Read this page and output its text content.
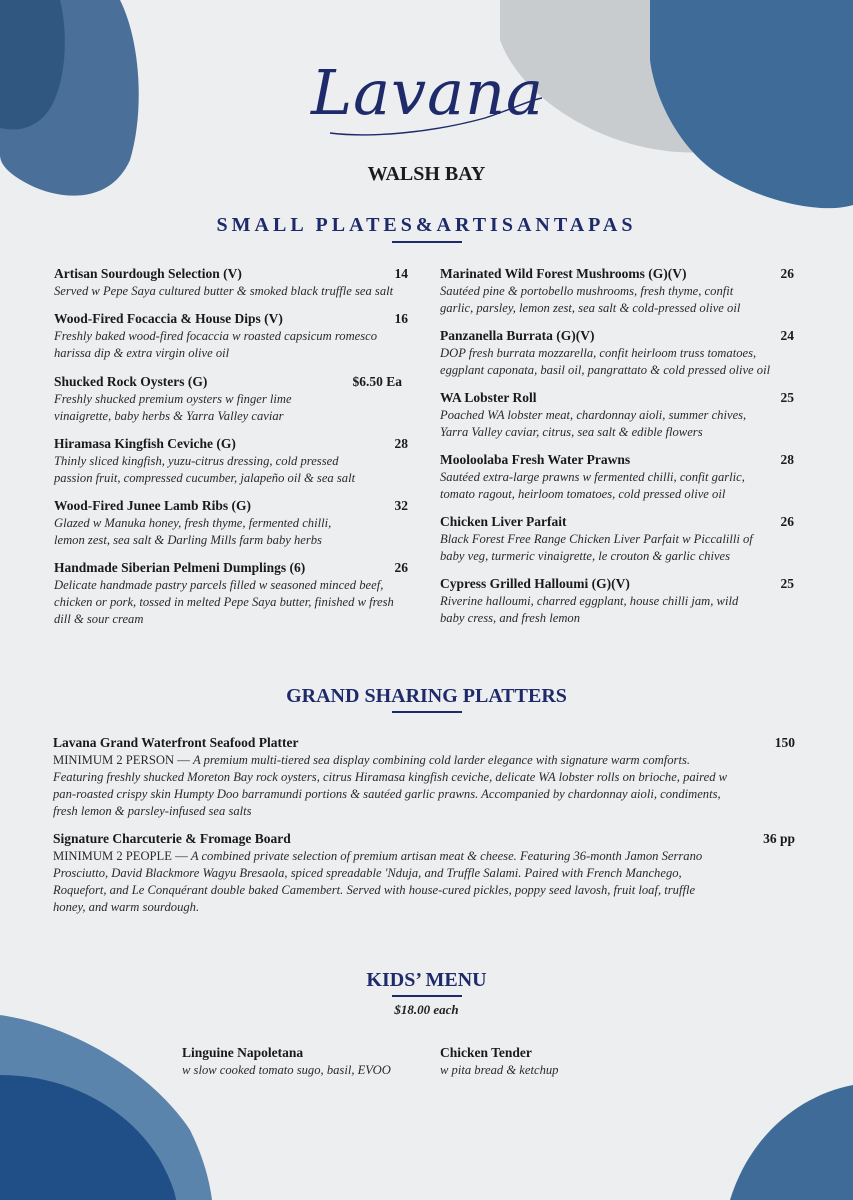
Lavana
WALSH BAY
SMALL PLATES&ARTISANTAPAS
Artisan Sourdough Selection (V)	14
Served w Pepe Saya cultured butter & smoked black truffle sea salt
Wood-Fired Focaccia & House Dips (V)	16
Freshly baked wood-fired focaccia w roasted capsicum romesco harissa dip & extra virgin olive oil
Shucked Rock Oysters (G)	$6.50 Ea
Freshly shucked premium oysters w finger lime vinaigrette, baby herbs & Yarra Valley caviar
Hiramasa Kingfish Ceviche (G)	28
Thinly sliced kingfish, yuzu-citrus dressing, cold pressed passion fruit, compressed cucumber, jalapeño oil & sea salt
Wood-Fired Junee Lamb Ribs (G)	32
Glazed w Manuka honey, fresh thyme, fermented chilli, lemon zest, sea salt & Darling Mills farm baby herbs
Handmade Siberian Pelmeni Dumplings (6)	26
Delicate handmade pastry parcels filled w seasoned minced beef, chicken or pork, tossed in melted Pepe Saya butter, finished w fresh dill & sour cream
Marinated Wild Forest Mushrooms (G)(V)	26
Sautéed pine & portobello mushrooms, fresh thyme, confit garlic, parsley, lemon zest, sea salt & cold-pressed olive oil
Panzanella Burrata (G)(V)	24
DOP fresh burrata mozzarella, confit heirloom truss tomatoes, eggplant caponata, basil oil, pangrattato & cold pressed olive oil
WA Lobster Roll	25
Poached WA lobster meat, chardonnay aioli, summer chives, Yarra Valley caviar, citrus, sea salt & edible flowers
Mooloolaba Fresh Water Prawns	28
Sautéed extra-large prawns w fermented chilli, confit garlic, tomato ragout, heirloom tomatoes, cold pressed olive oil
Chicken Liver Parfait	26
Black Forest Free Range Chicken Liver Parfait w Piccalilli of baby veg, turmeric vinaigrette, le crouton & garlic chives
Cypress Grilled Halloumi (G)(V)	25
Riverine halloumi, charred eggplant, house chilli jam, wild baby cress, and fresh lemon
GRAND SHARING PLATTERS
Lavana Grand Waterfront Seafood Platter	150
MINIMUM 2 PERSON — A premium multi-tiered sea display combining cold larder elegance with signature warm comforts. Featuring freshly shucked Moreton Bay rock oysters, citrus Hiramasa kingfish ceviche, delicate WA lobster rolls on brioche, paired w pan-roasted crispy skin Humpty Doo barramundi portions & sautéed garlic prawns. Accompanied by chardonnay aioli, condiments, fresh lemon & parsley-infused sea salts
Signature Charcuterie & Fromage Board	36 pp
MINIMUM 2 PEOPLE — A combined private selection of premium artisan meat & cheese. Featuring 36-month Jamon Serrano Prosciutto, David Blackmore Wagyu Bresaola, spiced spreadable 'Nduja, and Truffle Salami. Paired with French Manchego, Roquefort, and Le Conquérant double baked Camembert. Served with house-cured pickles, poppy seed lavosh, fruit loaf, truffle honey, and warm sourdough.
KIDS’ MENU
$18.00 each
Linguine Napoletana
w slow cooked tomato sugo, basil, EVOO
Chicken Tender
w pita bread & ketchup
